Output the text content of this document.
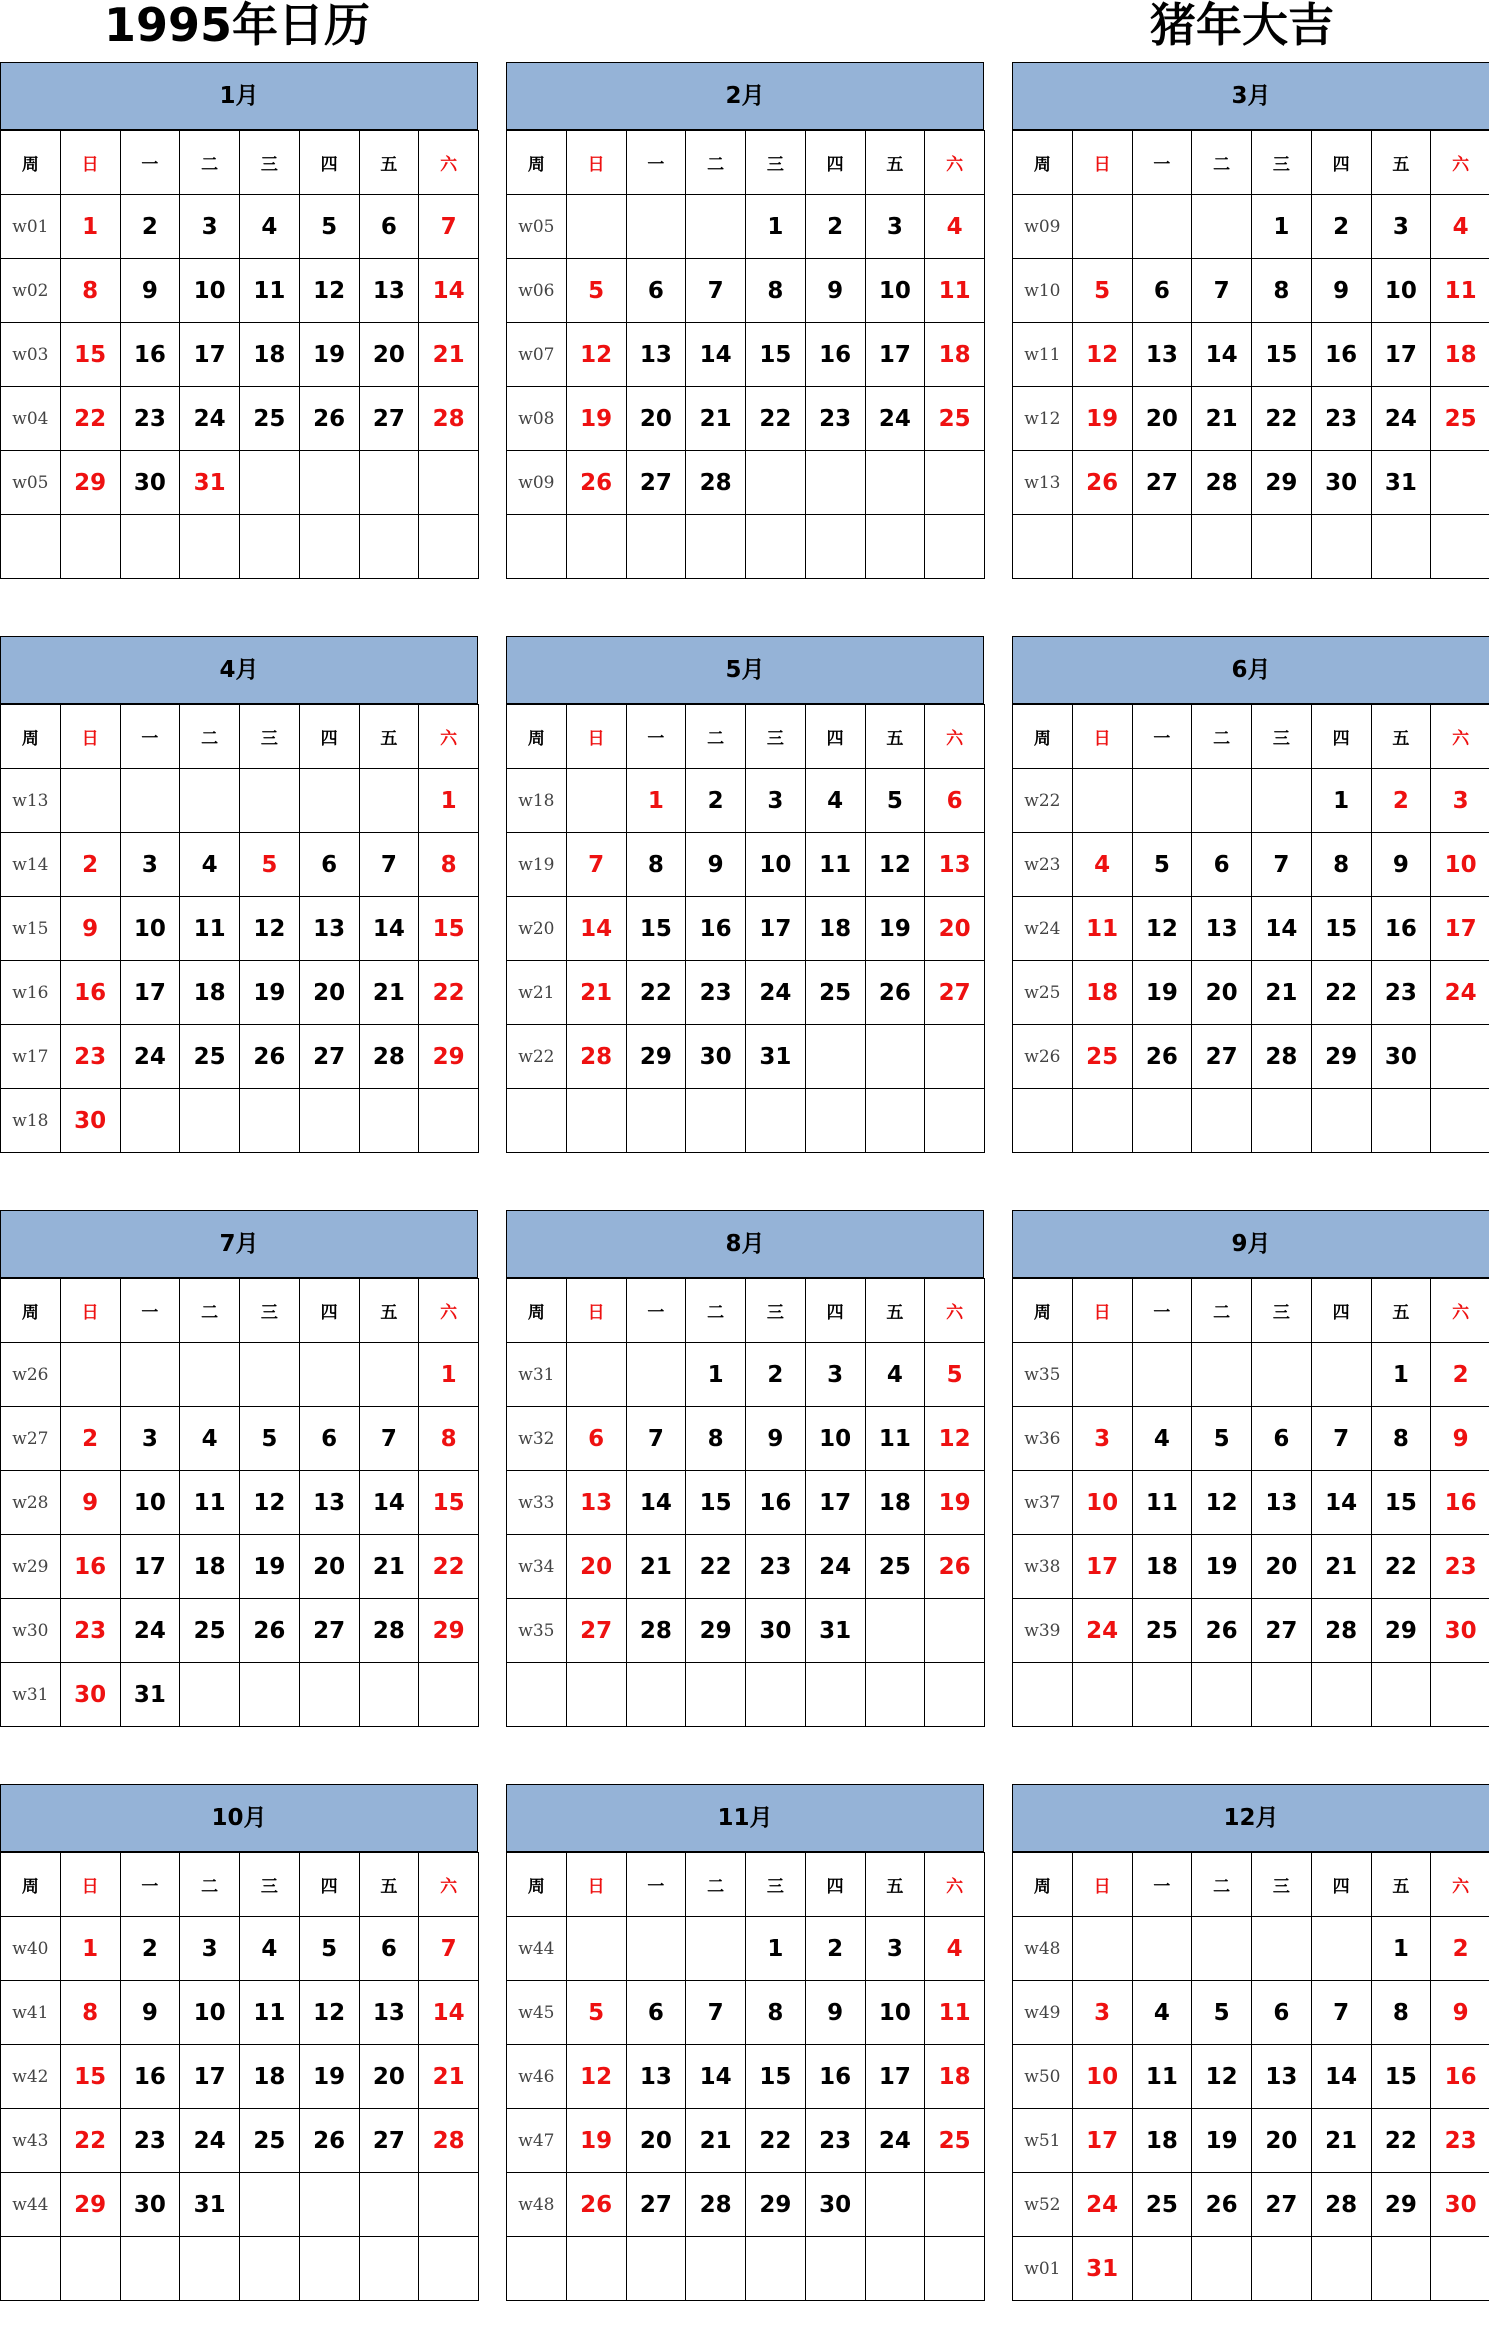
1995年日历	猪年大吉
1月
周	日	一	二	三	四	五	六
w01	1	2	3	4	5	6	7
w02	8	9	10	11	12	13	14
w03	15	16	17	18	19	20	21
w04	22	23	24	25	26	27	28
w05	29	30	31				

2月
周	日	一	二	三	四	五	六
w05				1	2	3	4
w06	5	6	7	8	9	10	11
w07	12	13	14	15	16	17	18
w08	19	20	21	22	23	24	25
w09	26	27	28				

3月
周	日	一	二	三	四	五	六
w09				1	2	3	4
w10	5	6	7	8	9	10	11
w11	12	13	14	15	16	17	18
w12	19	20	21	22	23	24	25
w13	26	27	28	29	30	31	

4月
周	日	一	二	三	四	五	六
w13							1
w14	2	3	4	5	6	7	8
w15	9	10	11	12	13	14	15
w16	16	17	18	19	20	21	22
w17	23	24	25	26	27	28	29
w18	30						
5月
周	日	一	二	三	四	五	六
w18		1	2	3	4	5	6
w19	7	8	9	10	11	12	13
w20	14	15	16	17	18	19	20
w21	21	22	23	24	25	26	27
w22	28	29	30	31			

6月
周	日	一	二	三	四	五	六
w22					1	2	3
w23	4	5	6	7	8	9	10
w24	11	12	13	14	15	16	17
w25	18	19	20	21	22	23	24
w26	25	26	27	28	29	30	

7月
周	日	一	二	三	四	五	六
w26							1
w27	2	3	4	5	6	7	8
w28	9	10	11	12	13	14	15
w29	16	17	18	19	20	21	22
w30	23	24	25	26	27	28	29
w31	30	31					
8月
周	日	一	二	三	四	五	六
w31			1	2	3	4	5
w32	6	7	8	9	10	11	12
w33	13	14	15	16	17	18	19
w34	20	21	22	23	24	25	26
w35	27	28	29	30	31		

9月
周	日	一	二	三	四	五	六
w35						1	2
w36	3	4	5	6	7	8	9
w37	10	11	12	13	14	15	16
w38	17	18	19	20	21	22	23
w39	24	25	26	27	28	29	30

10月
周	日	一	二	三	四	五	六
w40	1	2	3	4	5	6	7
w41	8	9	10	11	12	13	14
w42	15	16	17	18	19	20	21
w43	22	23	24	25	26	27	28
w44	29	30	31				

11月
周	日	一	二	三	四	五	六
w44				1	2	3	4
w45	5	6	7	8	9	10	11
w46	12	13	14	15	16	17	18
w47	19	20	21	22	23	24	25
w48	26	27	28	29	30		

12月
周	日	一	二	三	四	五	六
w48						1	2
w49	3	4	5	6	7	8	9
w50	10	11	12	13	14	15	16
w51	17	18	19	20	21	22	23
w52	24	25	26	27	28	29	30
w01	31						
